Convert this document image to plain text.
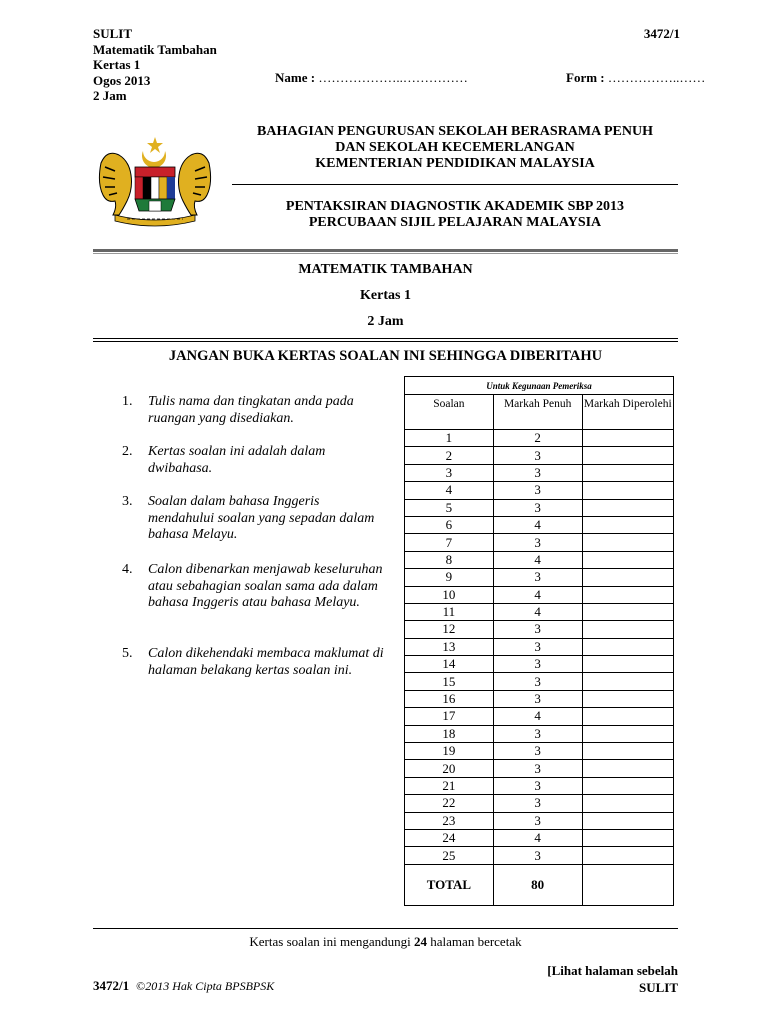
SULIT
Matematik Tambahan
Kertas 1
Ogos 2013
2 Jam
3472/1
Name : ………………..……………	Form : ……………..……
BAHAGIAN PENGURUSAN SEKOLAH BERASRAMA PENUH
DAN SEKOLAH KECEMERLANGAN
KEMENTERIAN PENDIDIKAN MALAYSIA
PENTAKSIRAN DIAGNOSTIK AKADEMIK SBP 2013
PERCUBAAN SIJIL PELAJARAN MALAYSIA
MATEMATIK TAMBAHAN
Kertas 1
2 Jam
JANGAN BUKA KERTAS SOALAN INI SEHINGGA DIBERITAHU
1. Tulis nama dan tingkatan anda pada ruangan yang disediakan.
2. Kertas soalan ini adalah dalam dwibahasa.
3. Soalan dalam bahasa Inggeris mendahului soalan yang sepadan dalam bahasa Melayu.
4. Calon dibenarkan menjawab keseluruhan atau sebahagian soalan sama ada dalam bahasa Inggeris atau bahasa Melayu.
5. Calon dikehendaki membaca maklumat di halaman belakang kertas soalan ini.
Untuk Kegunaan Pemeriksa		
Soalan	Markah Penuh	Markah Diperolehi
1	2	
2	3	
3	3	
4	3	
5	3	
6	4	
7	3	
8	4	
9	3	
10	4	
11	4	
12	3	
13	3	
14	3	
15	3	
16	3	
17	4	
18	3	
19	3	
20	3	
21	3	
22	3	
23	3	
24	4	
25	3	
TOTAL	80	
Kertas soalan ini mengandungi 24 halaman bercetak
[Lihat halaman sebelah
SULIT
3472/1 ©2013 Hak Cipta BPSBPSK
